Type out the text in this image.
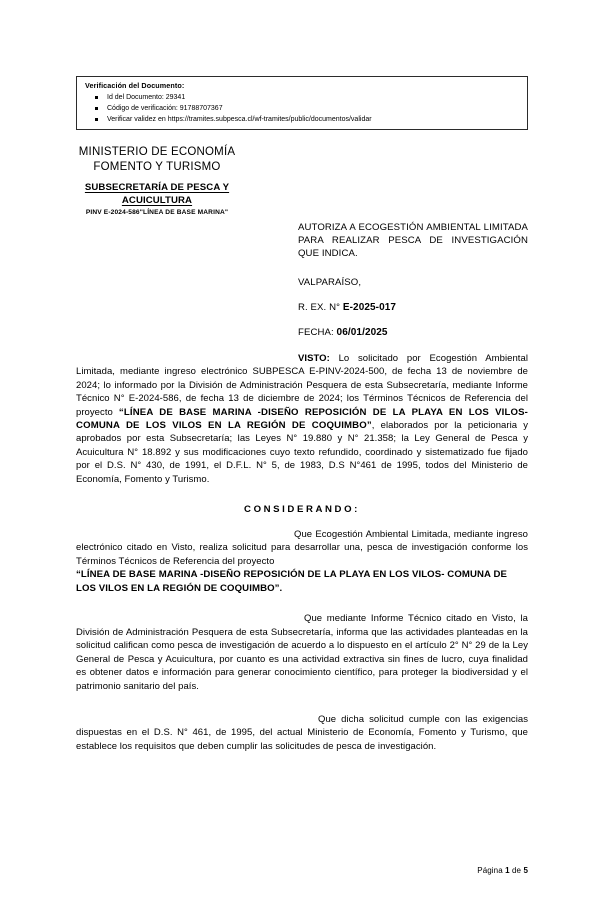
Verificación del Documento:
Id del Documento: 29341
Código de verificación: 91788707367
Verificar validez en https://tramites.subpesca.cl/wf-tramites/public/documentos/validar
MINISTERIO DE ECONOMÍA
FOMENTO Y TURISMO
SUBSECRETARÍA DE PESCA Y
ACUICULTURA
PINV E-2024-586"LÍNEA DE BASE MARINA"
AUTORIZA A ECOGESTIÓN AMBIENTAL LIMITADA PARA REALIZAR PESCA DE INVESTIGACIÓN QUE INDICA.
VALPARAÍSO,
R. EX. N° E-2025-017
FECHA: 06/01/2025

VISTO: Lo solicitado por Ecogestión Ambiental Limitada, mediante ingreso electrónico SUBPESCA E-PINV-2024-500, de fecha 13 de noviembre de 2024; lo informado por la División de Administración Pesquera de esta Subsecretaría, mediante Informe Técnico N° E-2024-586, de fecha 13 de diciembre de 2024; los Términos Técnicos de Referencia del proyecto “LÍNEA DE BASE MARINA -DISEÑO REPOSICIÓN DE LA PLAYA EN LOS VILOS- COMUNA DE LOS VILOS EN LA REGIÓN DE COQUIMBO”, elaborados por la peticionaria y aprobados por esta Subsecretaría; las Leyes N° 19.880 y N° 21.358; la Ley General de Pesca y Acuicultura N° 18.892 y sus modificaciones cuyo texto refundido, coordinado y sistematizado fue fijado por el D.S. N° 430, de 1991, el D.F.L. N° 5, de 1983, D.S N°461 de 1995, todos del Ministerio de Economía, Fomento y Turismo.

CONSIDERANDO:

Que Ecogestión Ambiental Limitada, mediante ingreso electrónico citado en Visto, realiza solicitud para desarrollar una, pesca de investigación conforme los Términos Técnicos de Referencia del proyecto

“LÍNEA DE BASE MARINA -DISEÑO REPOSICIÓN DE LA PLAYA EN LOS VILOS- COMUNA DE LOS VILOS EN LA REGIÓN DE COQUIMBO”.

Que mediante Informe Técnico citado en Visto, la División de Administración Pesquera de esta Subsecretaría, informa que las actividades planteadas en la solicitud califican como pesca de investigación de acuerdo a lo dispuesto en el artículo 2° N° 29 de la Ley General de Pesca y Acuicultura, por cuanto es una actividad extractiva sin fines de lucro, cuya finalidad es obtener datos e información para generar conocimiento científico, para proteger la biodiversidad y el patrimonio sanitario del país.

Que dicha solicitud cumple con las exigencias dispuestas en el D.S. N° 461, de 1995, del actual Ministerio de Economía, Fomento y Turismo, que establece los requisitos que deben cumplir las solicitudes de pesca de investigación.

Página 1 de 5
